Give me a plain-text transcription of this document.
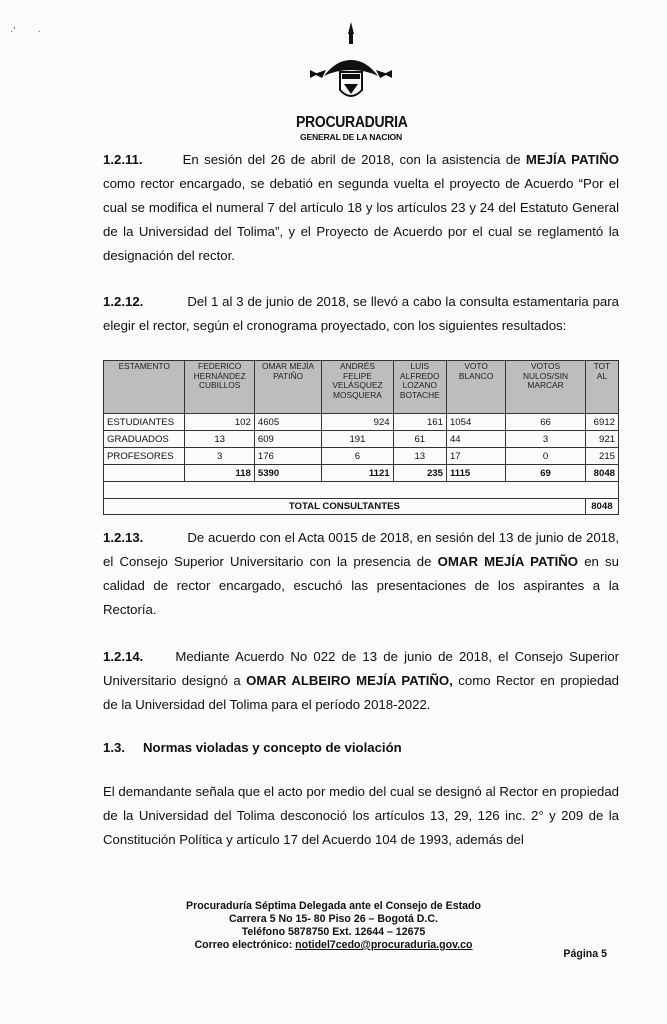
·'        ·
PROCURADURIA
GENERAL DE LA NACION
1.2.11.	En sesión del 26 de abril de 2018, con la asistencia de MEJÍA PATIÑO como rector encargado, se debatió en segunda vuelta el proyecto de Acuerdo “Por el cual se modifica el numeral 7 del artículo 18 y los artículos 23 y 24 del Estatuto General de la Universidad del Tolima”, y el Proyecto de Acuerdo por el cual se reglamentó la designación del rector.
1.2.12.	Del 1 al 3 de junio de 2018, se llevó a cabo la consulta estamentaria para elegir el rector, según el cronograma proyectado, con los siguientes resultados:
ESTAMENTO	FEDERICO HERNÁNDEZ CUBILLOS	OMAR MEJÍA PATIÑO	ANDRÉS FELIPE VELÁSQUEZ MOSQUERA	LUIS ALFREDO LOZANO BOTACHE	VOTO BLANCO	VOTOS NULOS/SIN MARCAR	TOT AL
ESTUDIANTES	102	4605	924	161	1054	66	6912
GRADUADOS	13	609	191	61	44	3	921
PROFESORES	3	176	6	13	17	0	215
	118	5390	1121	235	1115	69	8048

TOTAL CONSULTANTES							8048
1.2.13.	De acuerdo con el Acta 0015 de 2018, en sesión del 13 de junio de 2018, el Consejo Superior Universitario con la presencia de OMAR MEJÍA PATIÑO en su calidad de rector encargado, escuchó las presentaciones de los aspirantes a la Rectoría.
1.2.14. Mediante Acuerdo No 022 de 13 de junio de 2018, el Consejo Superior Universitario designó a OMAR ALBEIRO MEJÍA PATIÑO, como Rector en propiedad de la Universidad del Tolima para el período 2018-2022.
1.3. Normas violadas y concepto de violación
El demandante señala que el acto por medio del cual se designó al Rector en propiedad de la Universidad del Tolima desconoció los artículos 13, 29, 126 inc. 2° y 209 de la Constitución Política y artículo 17 del Acuerdo 104 de 1993, además del
Procuraduría Séptima Delegada ante el Consejo de Estado
Carrera 5 No 15- 80 Piso 26 – Bogotá D.C.
Teléfono 5878750 Ext. 12644 – 12675
Correo electrónico: notidel7cedo@procuraduria.gov.co
Página 5
